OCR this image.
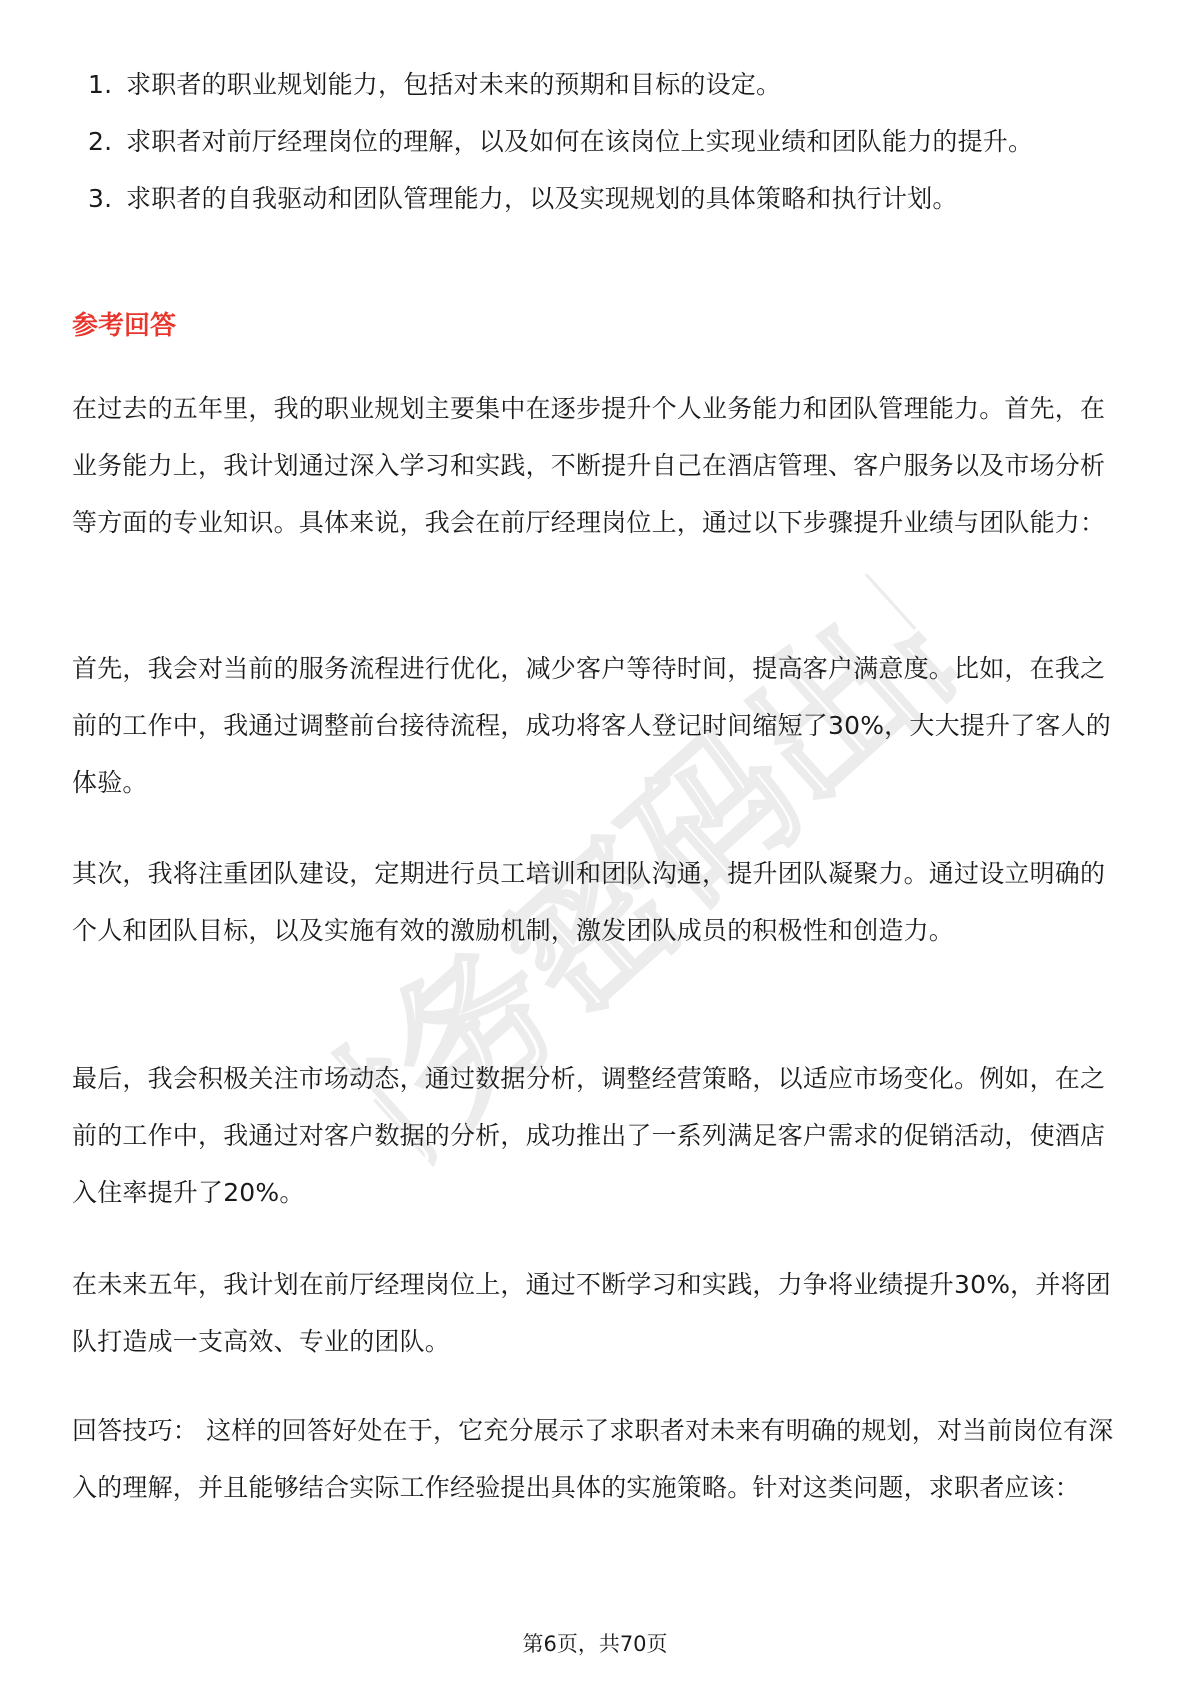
财务密码出品
1. 求职者的职业规划能力，包括对未来的预期和目标的设定。
2. 求职者对前厅经理岗位的理解，以及如何在该岗位上实现业绩和团队能力的提升。
3. 求职者的自我驱动和团队管理能力，以及实现规划的具体策略和执行计划。
参考回答

在过去的五年里，我的职业规划主要集中在逐步提升个人业务能力和团队管理能力。首先，在业务能力上，我计划通过深入学习和实践，不断提升自己在酒店管理、客户服务以及市场分析等方面的专业知识。具体来说，我会在前厅经理岗位上，通过以下步骤提升业绩与团队能力：

首先，我会对当前的服务流程进行优化，减少客户等待时间，提高客户满意度。比如，在我之前的工作中，我通过调整前台接待流程，成功将客人登记时间缩短了30%，大大提升了客人的体验。

其次，我将注重团队建设，定期进行员工培训和团队沟通，提升团队凝聚力。通过设立明确的个人和团队目标，以及实施有效的激励机制，激发团队成员的积极性和创造力。

最后，我会积极关注市场动态，通过数据分析，调整经营策略，以适应市场变化。例如，在之前的工作中，我通过对客户数据的分析，成功推出了一系列满足客户需求的促销活动，使酒店入住率提升了20%。

在未来五年，我计划在前厅经理岗位上，通过不断学习和实践，力争将业绩提升30%，并将团队打造成一支高效、专业的团队。

回答技巧： 这样的回答好处在于，它充分展示了求职者对未来有明确的规划，对当前岗位有深入的理解，并且能够结合实际工作经验提出具体的实施策略。针对这类问题，求职者应该：

第6页，共70页
